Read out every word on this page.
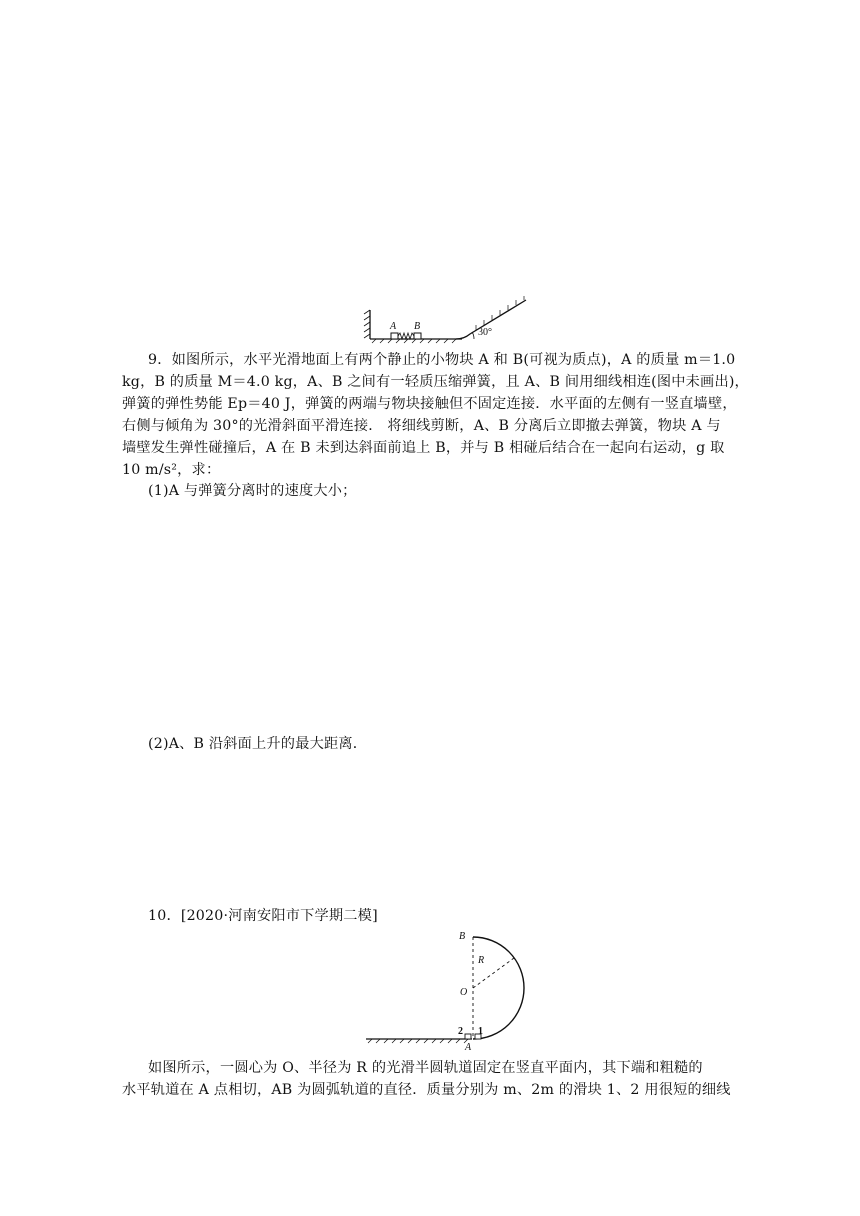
A B
30°
9．如图所示，水平光滑地面上有两个静止的小物块 A 和 B(可视为质点)，A 的质量 m＝1.0
kg，B 的质量 M＝4.0 kg，A、B 之间有一轻质压缩弹簧，且 A、B 间用细线相连(图中未画出)，
弹簧的弹性势能 Ep＝40 J，弹簧的两端与物块接触但不固定连接．水平面的左侧有一竖直墙壁，
右侧与倾角为 30°的光滑斜面平滑连接． 将细线剪断，A、B 分离后立即撤去弹簧，物块 A 与
墙壁发生弹性碰撞后，A 在 B 未到达斜面前追上 B，并与 B 相碰后结合在一起向右运动，g 取
10 m/s²，求：
(1)A 与弹簧分离时的速度大小；
(2)A、B 沿斜面上升的最大距离．
10．[2020·河南安阳市下学期二模]
B
R
O
2 1
A
如图所示，一圆心为 O、半径为 R 的光滑半圆轨道固定在竖直平面内，其下端和粗糙的
水平轨道在 A 点相切，AB 为圆弧轨道的直径．质量分别为 m、2m 的滑块 1、2 用很短的细线
